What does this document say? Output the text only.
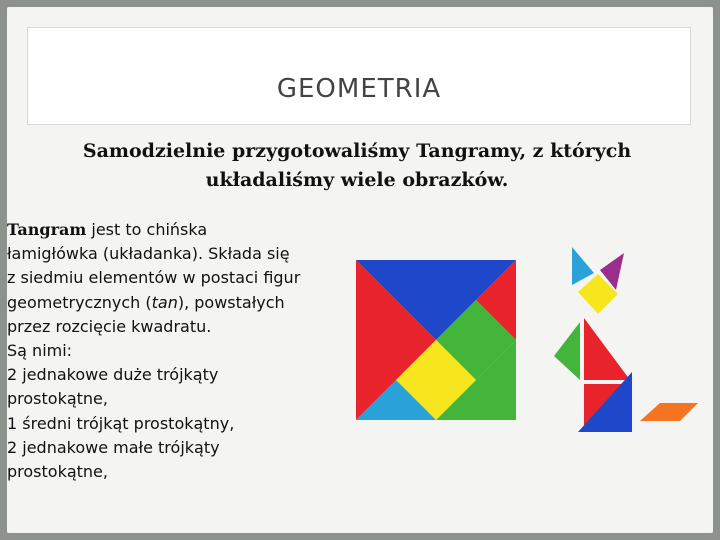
GEOMETRIA
Samodzielnie przygotowaliśmy Tangramy, z których
układaliśmy wiele obrazków.
Tangram jest to chińska
łamigłówka (układanka). Składa się
z siedmiu elementów w postaci figur
geometrycznych (tan), powstałych
przez rozcięcie kwadratu.
Są nimi:
2 jednakowe duże trójkąty
prostokątne,
1 średni trójkąt prostokątny,
2 jednakowe małe trójkąty
prostokątne,
